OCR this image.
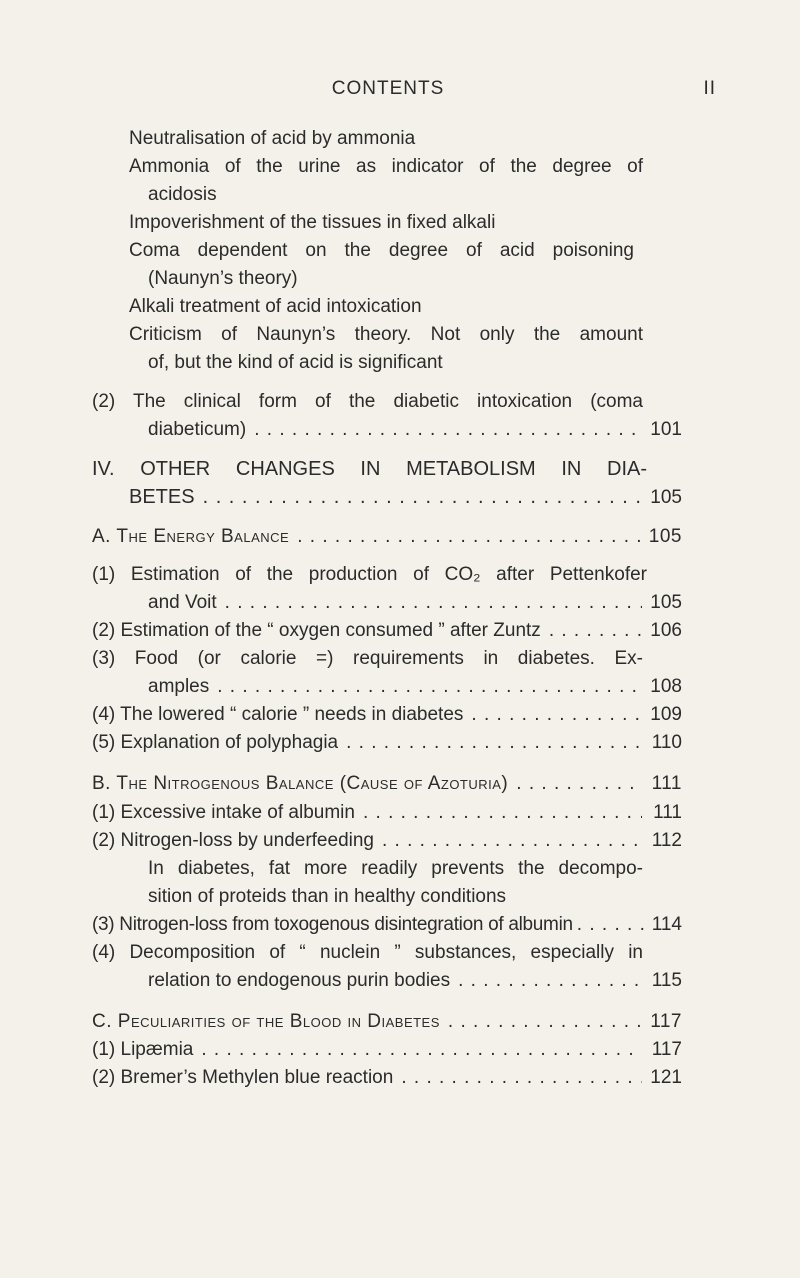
CONTENTS	II
Neutralisation of acid by ammonia
Ammonia of the urine as indicator of the degree of
acidosis
Impoverishment of the tissues in fixed alkali
Coma dependent on the degree of acid poisoning
(Naunyn’s theory)
Alkali treatment of acid intoxication
Criticism of Naunyn’s theory. Not only the amount
of, but the kind of acid is significant
(2) The clinical form of the diabetic intoxication (coma
diabeticum) . . .	101
IV. OTHER CHANGES IN METABOLISM IN DIA-
BETES . . .	105
A. The Energy Balance . . .	105
(1) Estimation of the production of CO₂ after Pettenkofer
and Voit . . .	105
(2) Estimation of the “ oxygen consumed ” after Zuntz . . .	106
(3) Food (or calorie =) requirements in diabetes. Ex-
amples . . .	108
(4) The lowered “ calorie ” needs in diabetes . . .	109
(5) Explanation of polyphagia . . .	110
B. The Nitrogenous Balance (Cause of Azoturia) . . .	111
(1) Excessive intake of albumin . . .	111
(2) Nitrogen-loss by underfeeding . . .	112
In diabetes, fat more readily prevents the decompo-
sition of proteids than in healthy conditions
(3) Nitrogen-loss from toxogenous disintegration of albumin . . .	114
(4) Decomposition of “ nuclein ” substances, especially in
relation to endogenous purin bodies . . .	115
C. Peculiarities of the Blood in Diabetes . . .	117
(1) Lipæmia . . .	117
(2) Bremer’s Methylen blue reaction . . .	121
